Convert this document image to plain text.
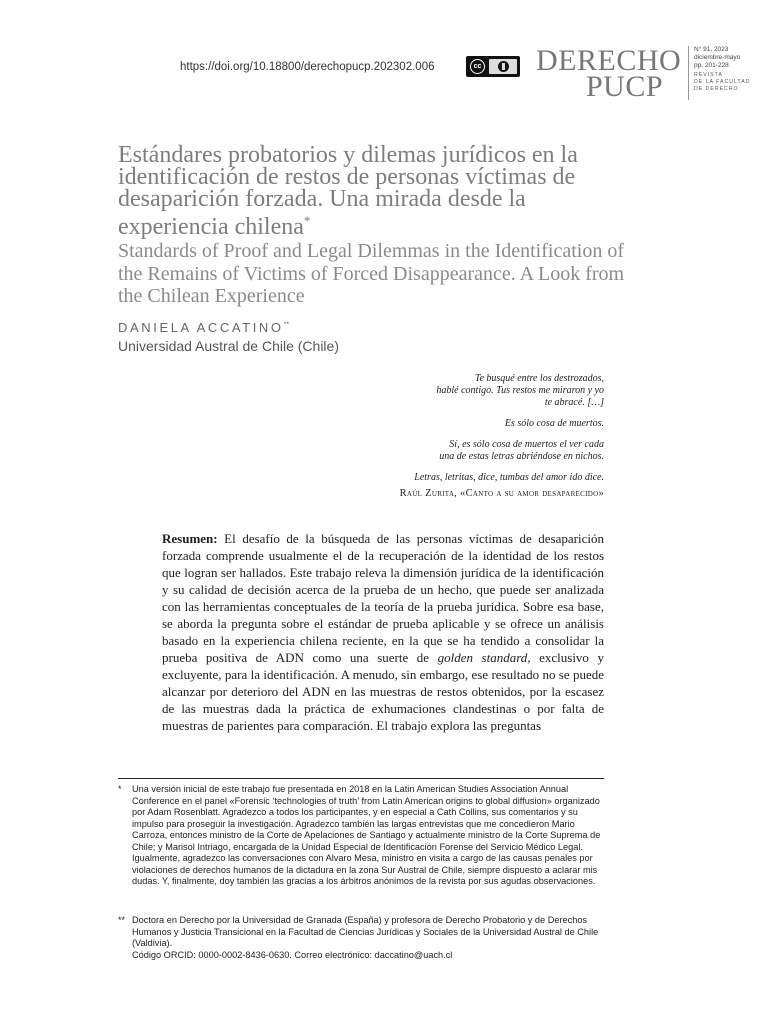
https://doi.org/10.18800/derechopucp.202302.006	cc DERECHO
PUCP
N° 91, 2023
diciembre-mayo
pp. 201-228
REVISTA
DE LA FACULTAD
DE DERECHO
Estándares probatorios y dilemas jurídicos en la identificación de restos de personas víctimas de desaparición forzada. Una mirada desde la experiencia chilena*
Standards of Proof and Legal Dilemmas in the Identification of the Remains of Victims of Forced Disappearance. A Look from the Chilean Experience
DANIELA ACCATINO**
Universidad Austral de Chile (Chile)
Te busqué entre los destrozados,
hablé contigo. Tus restos me miraron y yo
te abracé. […]
Es sólo cosa de muertos.
Sí, es sólo cosa de muertos el ver cada
una de estas letras abriéndose en nichos.
Letras, letritas, dice, tumbas del amor ido dice.
Raúl Zurita, «Canto a su amor desaparecido»

Resumen: El desafío de la búsqueda de las personas víctimas de desaparición forzada comprende usualmente el de la recuperación de la identidad de los restos que logran ser hallados. Este trabajo releva la dimensión jurídica de la identificación y su calidad de decisión acerca de la prueba de un hecho, que puede ser analizada con las herramientas conceptuales de la teoría de la prueba jurídica. Sobre esa base, se aborda la pregunta sobre el estándar de prueba aplicable y se ofrece un análisis basado en la experiencia chilena reciente, en la que se ha tendido a consolidar la prueba positiva de ADN como una suerte de golden standard, exclusivo y excluyente, para la identificación. A menudo, sin embargo, ese resultado no se puede alcanzar por deterioro del ADN en las muestras de restos obtenidos, por la escasez de las muestras dada la práctica de exhumaciones clandestinas o por falta de muestras de parientes para comparación. El trabajo explora las preguntas

* Una versión inicial de este trabajo fue presentada en 2018 en la Latin American Studies Association Annual Conference en el panel «Forensic ‘technologies of truth’ from Latin American origins to global diffusion» organizado por Adam Rosenblatt. Agradezco a todos los participantes, y en especial a Cath Collins, sus comentarios y su impulso para proseguir la investigación. Agradezco también las largas entrevistas que me concedieron Mario Carroza, entonces ministro de la Corte de Apelaciones de Santiago y actualmente ministro de la Corte Suprema de Chile; y Marisol Intriago, encargada de la Unidad Especial de Identificación Forense del Servicio Médico Legal. Igualmente, agradezco las conversaciones con Alvaro Mesa, ministro en visita a cargo de las causas penales por violaciones de derechos humanos de la dictadura en la zona Sur Austral de Chile, siempre dispuesto a aclarar mis dudas. Y, finalmente, doy también las gracias a los árbitros anónimos de la revista por sus agudas observaciones.
** Doctora en Derecho por la Universidad de Granada (España) y profesora de Derecho Probatorio y de Derechos Humanos y Justicia Transicional en la Facultad de Ciencias Jurídicas y Sociales de la Universidad Austral de Chile (Valdivia).
Código ORCID: 0000-0002-8436-0630. Correo electrónico: daccatino@uach.cl
